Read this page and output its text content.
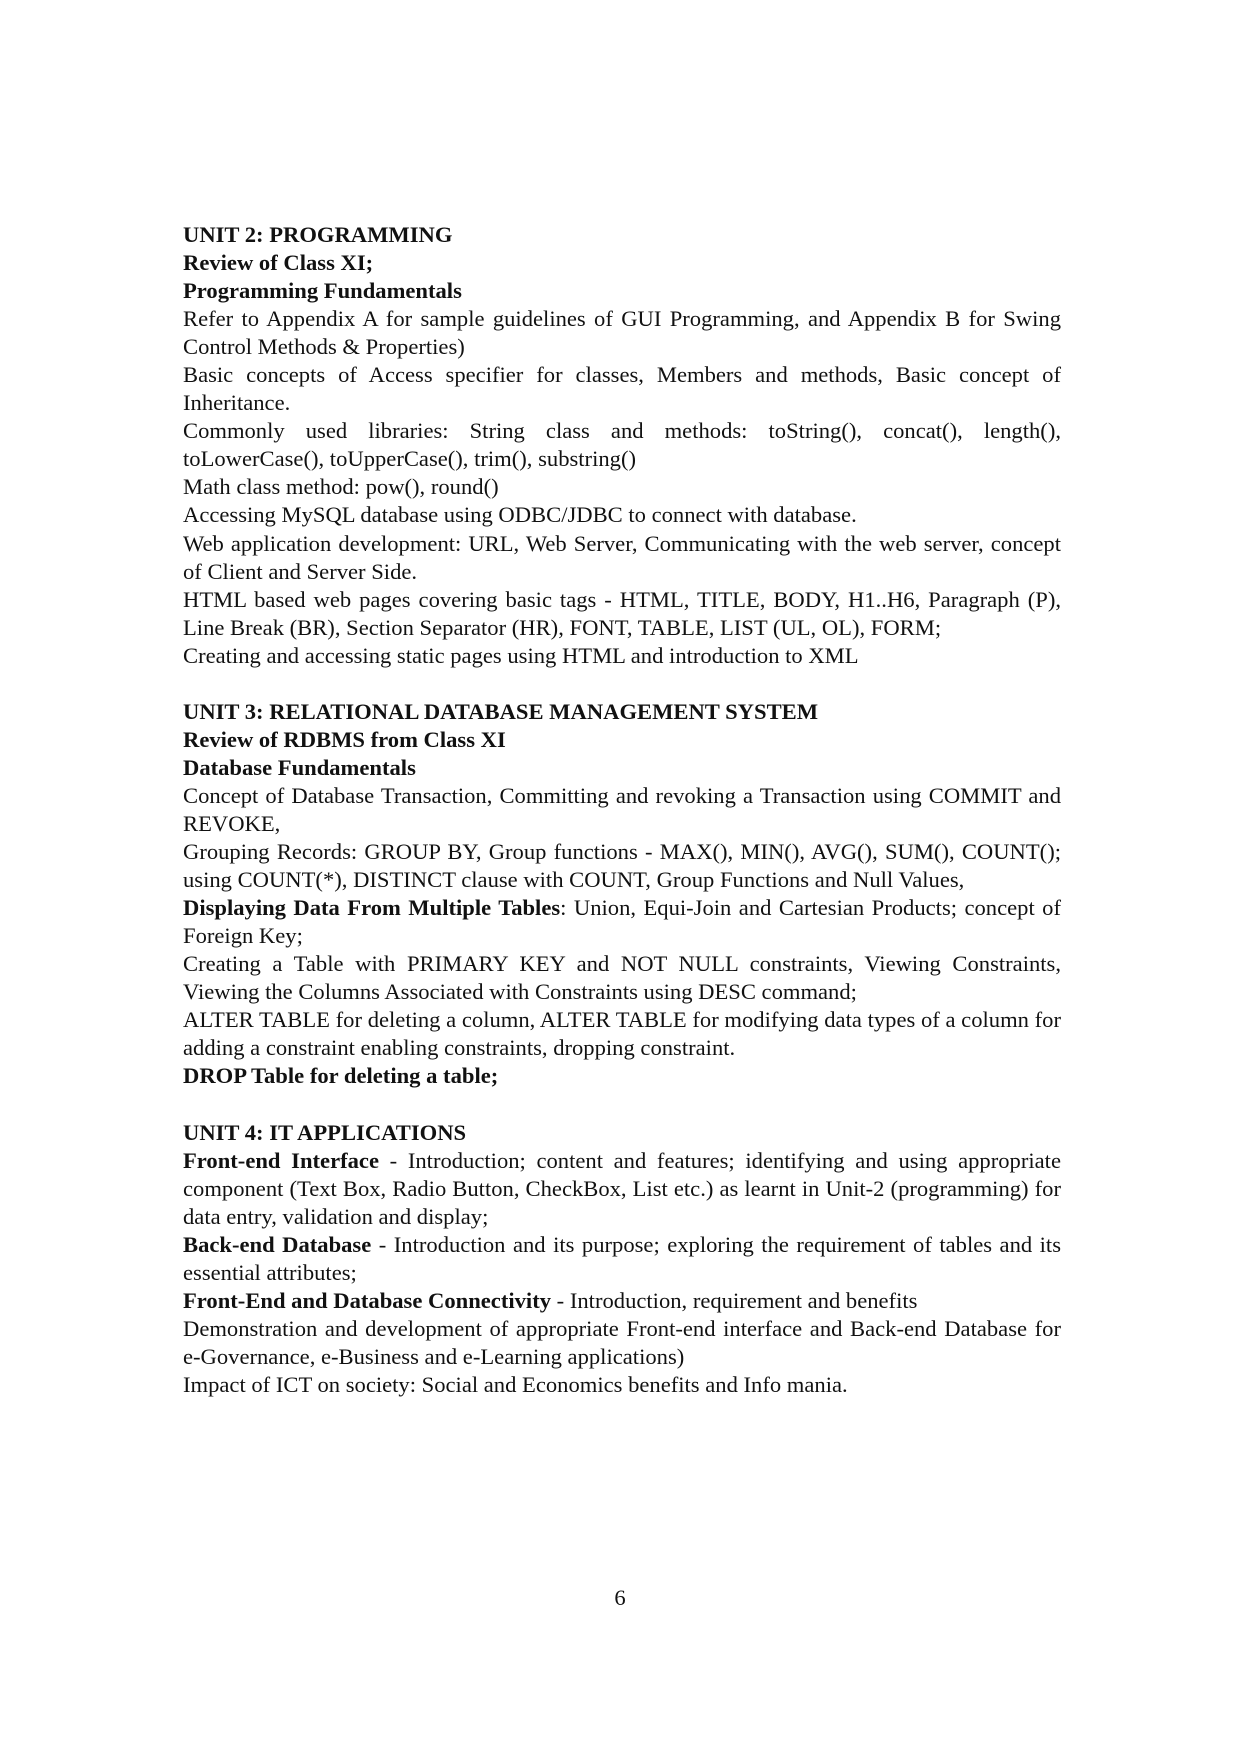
UNIT 2: PROGRAMMING

Review of Class XI;

Programming Fundamentals

Refer to Appendix A for sample guidelines of GUI Programming, and Appendix B for Swing Control Methods & Properties)

Basic concepts of Access specifier for classes, Members and methods, Basic concept of Inheritance.

Commonly used libraries: String class and methods: toString(), concat(), length(), toLowerCase(), toUpperCase(), trim(), substring()

Math class method: pow(), round()

Accessing MySQL database using ODBC/JDBC to connect with database.

Web application development: URL, Web Server, Communicating with the web server, concept of Client and Server Side.

HTML based web pages covering basic tags - HTML, TITLE, BODY, H1..H6, Paragraph (P), Line Break (BR), Section Separator (HR), FONT, TABLE, LIST (UL, OL), FORM;

Creating and accessing static pages using HTML and introduction to XML

UNIT 3: RELATIONAL DATABASE MANAGEMENT SYSTEM

Review of RDBMS from Class XI

Database Fundamentals

Concept of Database Transaction, Committing and revoking a Transaction using COMMIT and REVOKE,

Grouping Records: GROUP BY, Group functions - MAX(), MIN(), AVG(), SUM(), COUNT(); using COUNT(*), DISTINCT clause with COUNT, Group Functions and Null Values,

Displaying Data From Multiple Tables: Union, Equi-Join and Cartesian Products; concept of Foreign Key;

Creating a Table with PRIMARY KEY and NOT NULL constraints, Viewing Constraints, Viewing the Columns Associated with Constraints using DESC command;

ALTER TABLE for deleting a column, ALTER TABLE for modifying data types of a column for adding a constraint enabling constraints, dropping constraint.

DROP Table for deleting a table;

UNIT 4: IT APPLICATIONS

Front-end Interface - Introduction; content and features; identifying and using appropriate component (Text Box, Radio Button, CheckBox, List etc.) as learnt in Unit-2 (programming) for data entry, validation and display;

Back-end Database - Introduction and its purpose; exploring the requirement of tables and its essential attributes;

Front-End and Database Connectivity - Introduction, requirement and benefits

Demonstration and development of appropriate Front-end interface and Back-end Database for e-Governance, e-Business and e-Learning applications)

Impact of ICT on society: Social and Economics benefits and Info mania.

6
